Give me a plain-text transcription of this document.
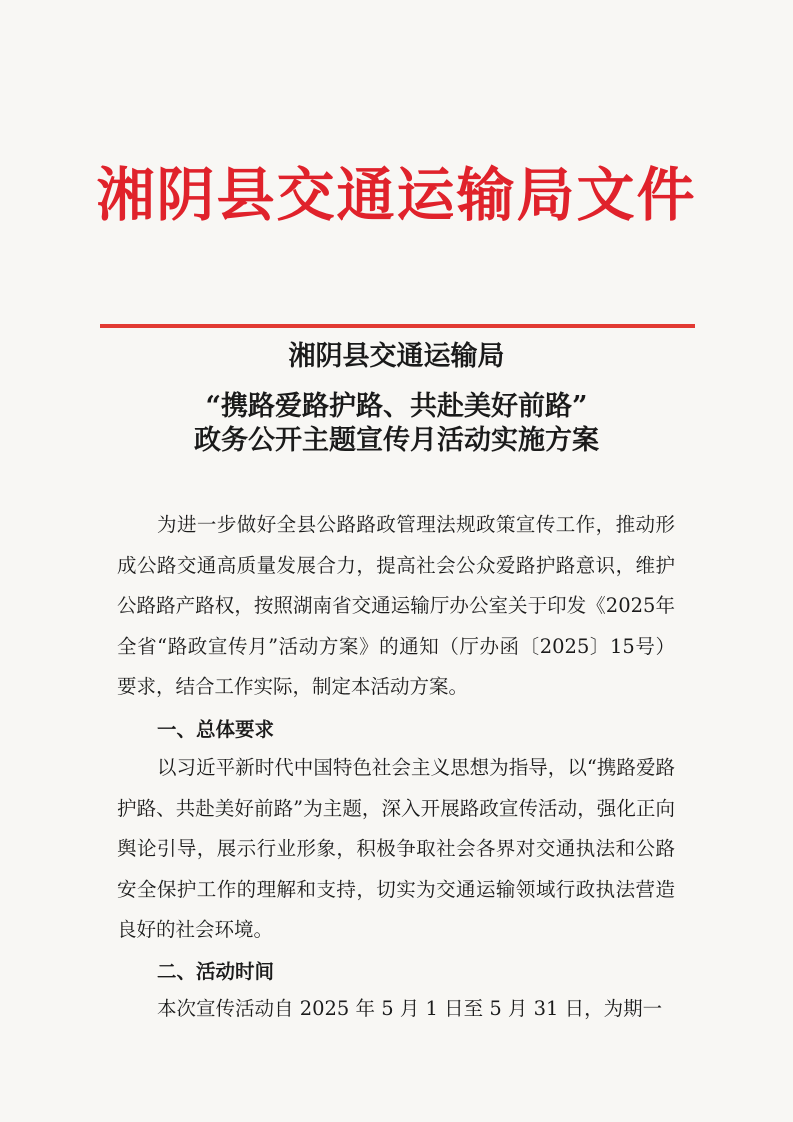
湘阴县交通运输局文件
湘阴县交通运输局
“携路爱路护路、共赴美好前路”
政务公开主题宣传月活动实施方案

为进一步做好全县公路路政管理法规政策宣传工作，推动形成公路交通高质量发展合力，提高社会公众爱路护路意识，维护公路路产路权，按照湖南省交通运输厅办公室关于印发《2025年全省“路政宣传月”活动方案》的通知（厅办函〔2025〕15号）要求，结合工作实际，制定本活动方案。

一、总体要求

以习近平新时代中国特色社会主义思想为指导，以“携路爱路护路、共赴美好前路”为主题，深入开展路政宣传活动，强化正向舆论引导，展示行业形象，积极争取社会各界对交通执法和公路安全保护工作的理解和支持，切实为交通运输领域行政执法营造良好的社会环境。

二、活动时间

本次宣传活动自 2025 年 5 月 1 日至 5 月 31 日，为期一
